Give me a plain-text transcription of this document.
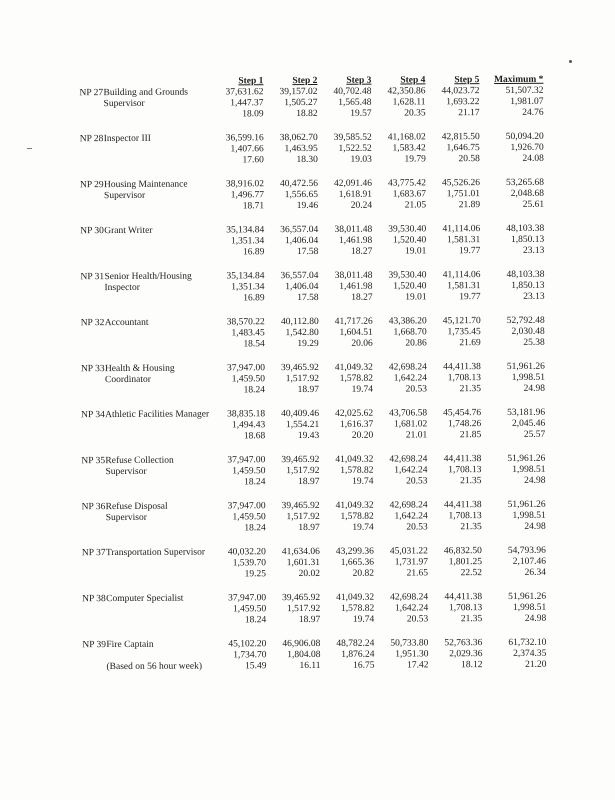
		Step 1	Step 2	Step 3	Step 4	Step 5	Maximum *
NP 27	Building and Grounds	37,631.62	39,157.02	40,702.48	42,350.86	44,023.72	51,507.32
	Supervisor	1,447.37	1,505.27	1,565.48	1,628.11	1,693.22	1,981.07
		18.09	18.82	19.57	20.35	21.17	24.76
NP 28	Inspector III	36,599.16	38,062.70	39,585.52	41,168.02	42,815.50	50,094.20
		1,407.66	1,463.95	1,522.52	1,583.42	1,646.75	1,926.70
		17.60	18.30	19.03	19.79	20.58	24.08
NP 29	Housing Maintenance	38,916.02	40,472.56	42,091.46	43,775.42	45,526.26	53,265.68
	Supervisor	1,496.77	1,556.65	1,618.91	1,683.67	1,751.01	2,048.68
		18.71	19.46	20.24	21.05	21.89	25.61
NP 30	Grant Writer	35,134.84	36,557.04	38,011.48	39,530.40	41,114.06	48,103.38
		1,351.34	1,406.04	1,461.98	1,520.40	1,581.31	1,850.13
		16.89	17.58	18.27	19.01	19.77	23.13
NP 31	Senior Health/Housing	35,134.84	36,557.04	38,011.48	39,530.40	41,114.06	48,103.38
	Inspector	1,351.34	1,406.04	1,461.98	1,520.40	1,581.31	1,850.13
		16.89	17.58	18.27	19.01	19.77	23.13
NP 32	Accountant	38,570.22	40,112.80	41,717.26	43,386.20	45,121.70	52,792.48
		1,483.45	1,542.80	1,604.51	1,668.70	1,735.45	2,030.48
		18.54	19.29	20.06	20.86	21.69	25.38
NP 33	Health & Housing	37,947.00	39,465.92	41,049.32	42,698.24	44,411.38	51,961.26
	Coordinator	1,459.50	1,517.92	1,578.82	1,642.24	1,708.13	1,998.51
		18.24	18.97	19.74	20.53	21.35	24.98
NP 34	Athletic Facilities Manager	38,835.18	40,409.46	42,025.62	43,706.58	45,454.76	53,181.96
		1,494.43	1,554.21	1,616.37	1,681.02	1,748.26	2,045.46
		18.68	19.43	20.20	21.01	21.85	25.57
NP 35	Refuse Collection	37,947.00	39,465.92	41,049.32	42,698.24	44,411.38	51,961.26
	Supervisor	1,459.50	1,517.92	1,578.82	1,642.24	1,708.13	1,998.51
		18.24	18.97	19.74	20.53	21.35	24.98
NP 36	Refuse Disposal	37,947.00	39,465.92	41,049.32	42,698.24	44,411.38	51,961.26
	Supervisor	1,459.50	1,517.92	1,578.82	1,642.24	1,708.13	1,998.51
		18.24	18.97	19.74	20.53	21.35	24.98
NP 37	Transportation Supervisor	40,032.20	41,634.06	43,299.36	45,031.22	46,832.50	54,793.96
		1,539.70	1,601.31	1,665.36	1,731.97	1,801.25	2,107.46
		19.25	20.02	20.82	21.65	22.52	26.34
NP 38	Computer Specialist	37,947.00	39,465.92	41,049.32	42,698.24	44,411.38	51,961.26
		1,459.50	1,517.92	1,578.82	1,642.24	1,708.13	1,998.51
		18.24	18.97	19.74	20.53	21.35	24.98
NP 39	Fire Captain	45,102.20	46,906.08	48,782.24	50,733.80	52,763.36	61,732.10
		1,734.70	1,804.08	1,876.24	1,951.30	2,029.36	2,374.35
	(Based on 56 hour week)	15.49	16.11	16.75	17.42	18.12	21.20
